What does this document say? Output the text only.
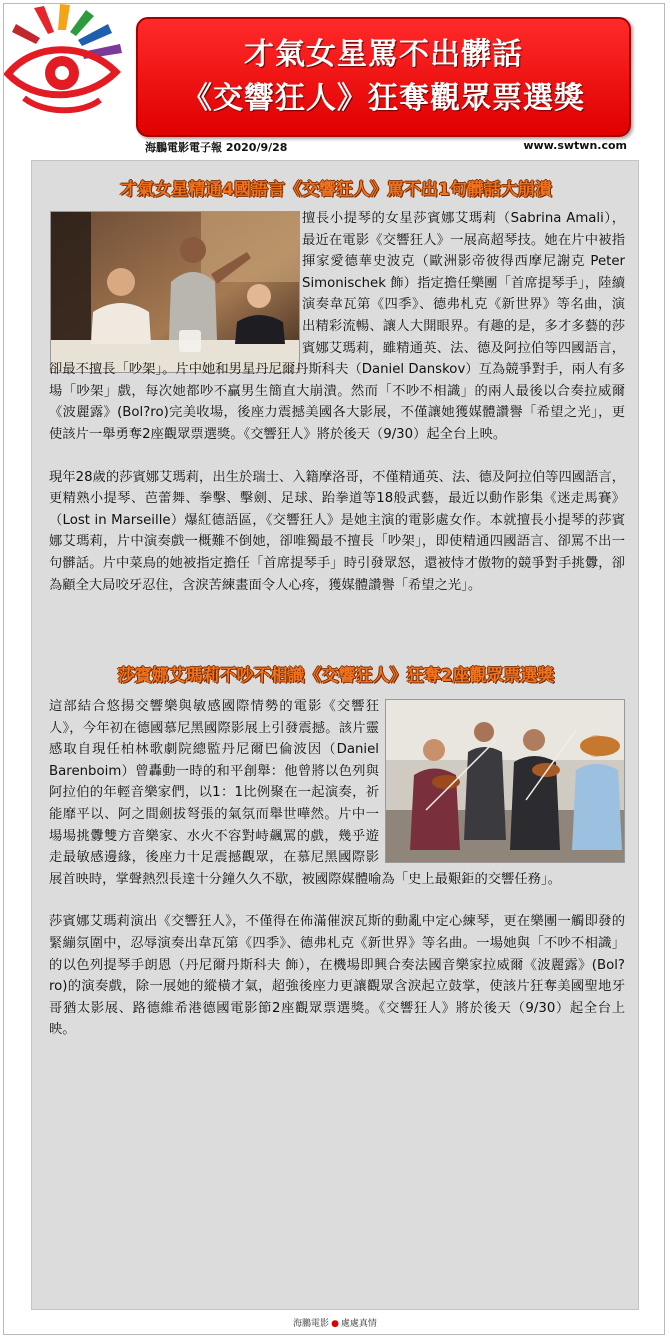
才氣女星罵不出髒話
《交響狂人》狂奪觀眾票選獎
海鵬電影電子報 2020/9/28	www.swtwn.com
才氣女星精通4國語言《交響狂人》罵不出1句髒話大崩潰

擅長小提琴的女星莎賓娜艾瑪莉（Sabrina Amali），最近在電影《交響狂人》一展高超琴技。她在片中被指揮家愛德華史波克（歐洲影帝彼得西摩尼謝克 Peter Simonischek 飾）指定擔任樂團「首席提琴手」，陸續演奏韋瓦第《四季》、德弗札克《新世界》等名曲，演出精彩流暢、讓人大開眼界。有趣的是，多才多藝的莎賓娜艾瑪莉，雖精通英、法、德及阿拉伯等四國語言，卻最不擅長「吵架」。片中她和男星丹尼爾丹斯科夫（Daniel Danskov）互為競爭對手，兩人有多場「吵架」戲，每次她都吵不贏男生簡直大崩潰。然而「不吵不相識」的兩人最後以合奏拉威爾《波麗露》(Bol?ro)完美收場，後座力震撼美國各大影展，不僅讓她獲媒體讚譽「希望之光」，更使該片一舉勇奪2座觀眾票選獎。《交響狂人》將於後天（9/30）起全台上映。

現年28歲的莎賓娜艾瑪莉，出生於瑞士、入籍摩洛哥，不僅精通英、法、德及阿拉伯等四國語言，更精熟小提琴、芭蕾舞、拳擊、擊劍、足球、跆拳道等18般武藝，最近以動作影集《迷走馬賽》（Lost in Marseille）爆紅德語區，《交響狂人》是她主演的電影處女作。本就擅長小提琴的莎賓娜艾瑪莉，片中演奏戲一概難不倒她，卻唯獨最不擅長「吵架」，即使精通四國語言、卻罵不出一句髒話。片中菜鳥的她被指定擔任「首席提琴手」時引發眾怒，還被恃才傲物的競爭對手挑釁，卻為顧全大局咬牙忍住，含淚苦練畫面令人心疼，獲媒體讚譽「希望之光」。

莎賓娜艾瑪莉不吵不相識《交響狂人》狂奪2座觀眾票選獎

這部結合悠揚交響樂與敏感國際情勢的電影《交響狂人》，今年初在德國慕尼黑國際影展上引發震撼。該片靈感取自現任柏林歌劇院總監丹尼爾巴倫波因（Daniel Barenboim）曾轟動一時的和平創舉：他曾將以色列與阿拉伯的年輕音樂家們，以1：1比例聚在一起演奏，祈能靡平以、阿之間劍拔弩張的氣氛而舉世嘩然。片中一場場挑釁雙方音樂家、水火不容對峙飆罵的戲，幾乎遊走最敏感邊緣，後座力十足震撼觀眾，在慕尼黑國際影展首映時，掌聲熱烈長達十分鐘久久不歇，被國際媒體喻為「史上最艱鉅的交響任務」。

莎賓娜艾瑪莉演出《交響狂人》，不僅得在佈滿催淚瓦斯的動亂中定心練琴，更在樂團一觸即發的緊繃氛圍中，忍辱演奏出韋瓦第《四季》、德弗札克《新世界》等名曲。一場她與「不吵不相識」的以色列提琴手朗恩（丹尼爾丹斯科夫 飾），在機場即興合奏法國音樂家拉威爾《波麗露》(Bol?ro)的演奏戲，除一展她的縱橫才氣，超強後座力更讓觀眾含淚起立鼓掌，使該片狂奪美國聖地牙哥猶太影展、路德維希港德國電影節2座觀眾票選獎。《交響狂人》將於後天（9/30）起全台上映。

海鵬電影 ● 處處真情
